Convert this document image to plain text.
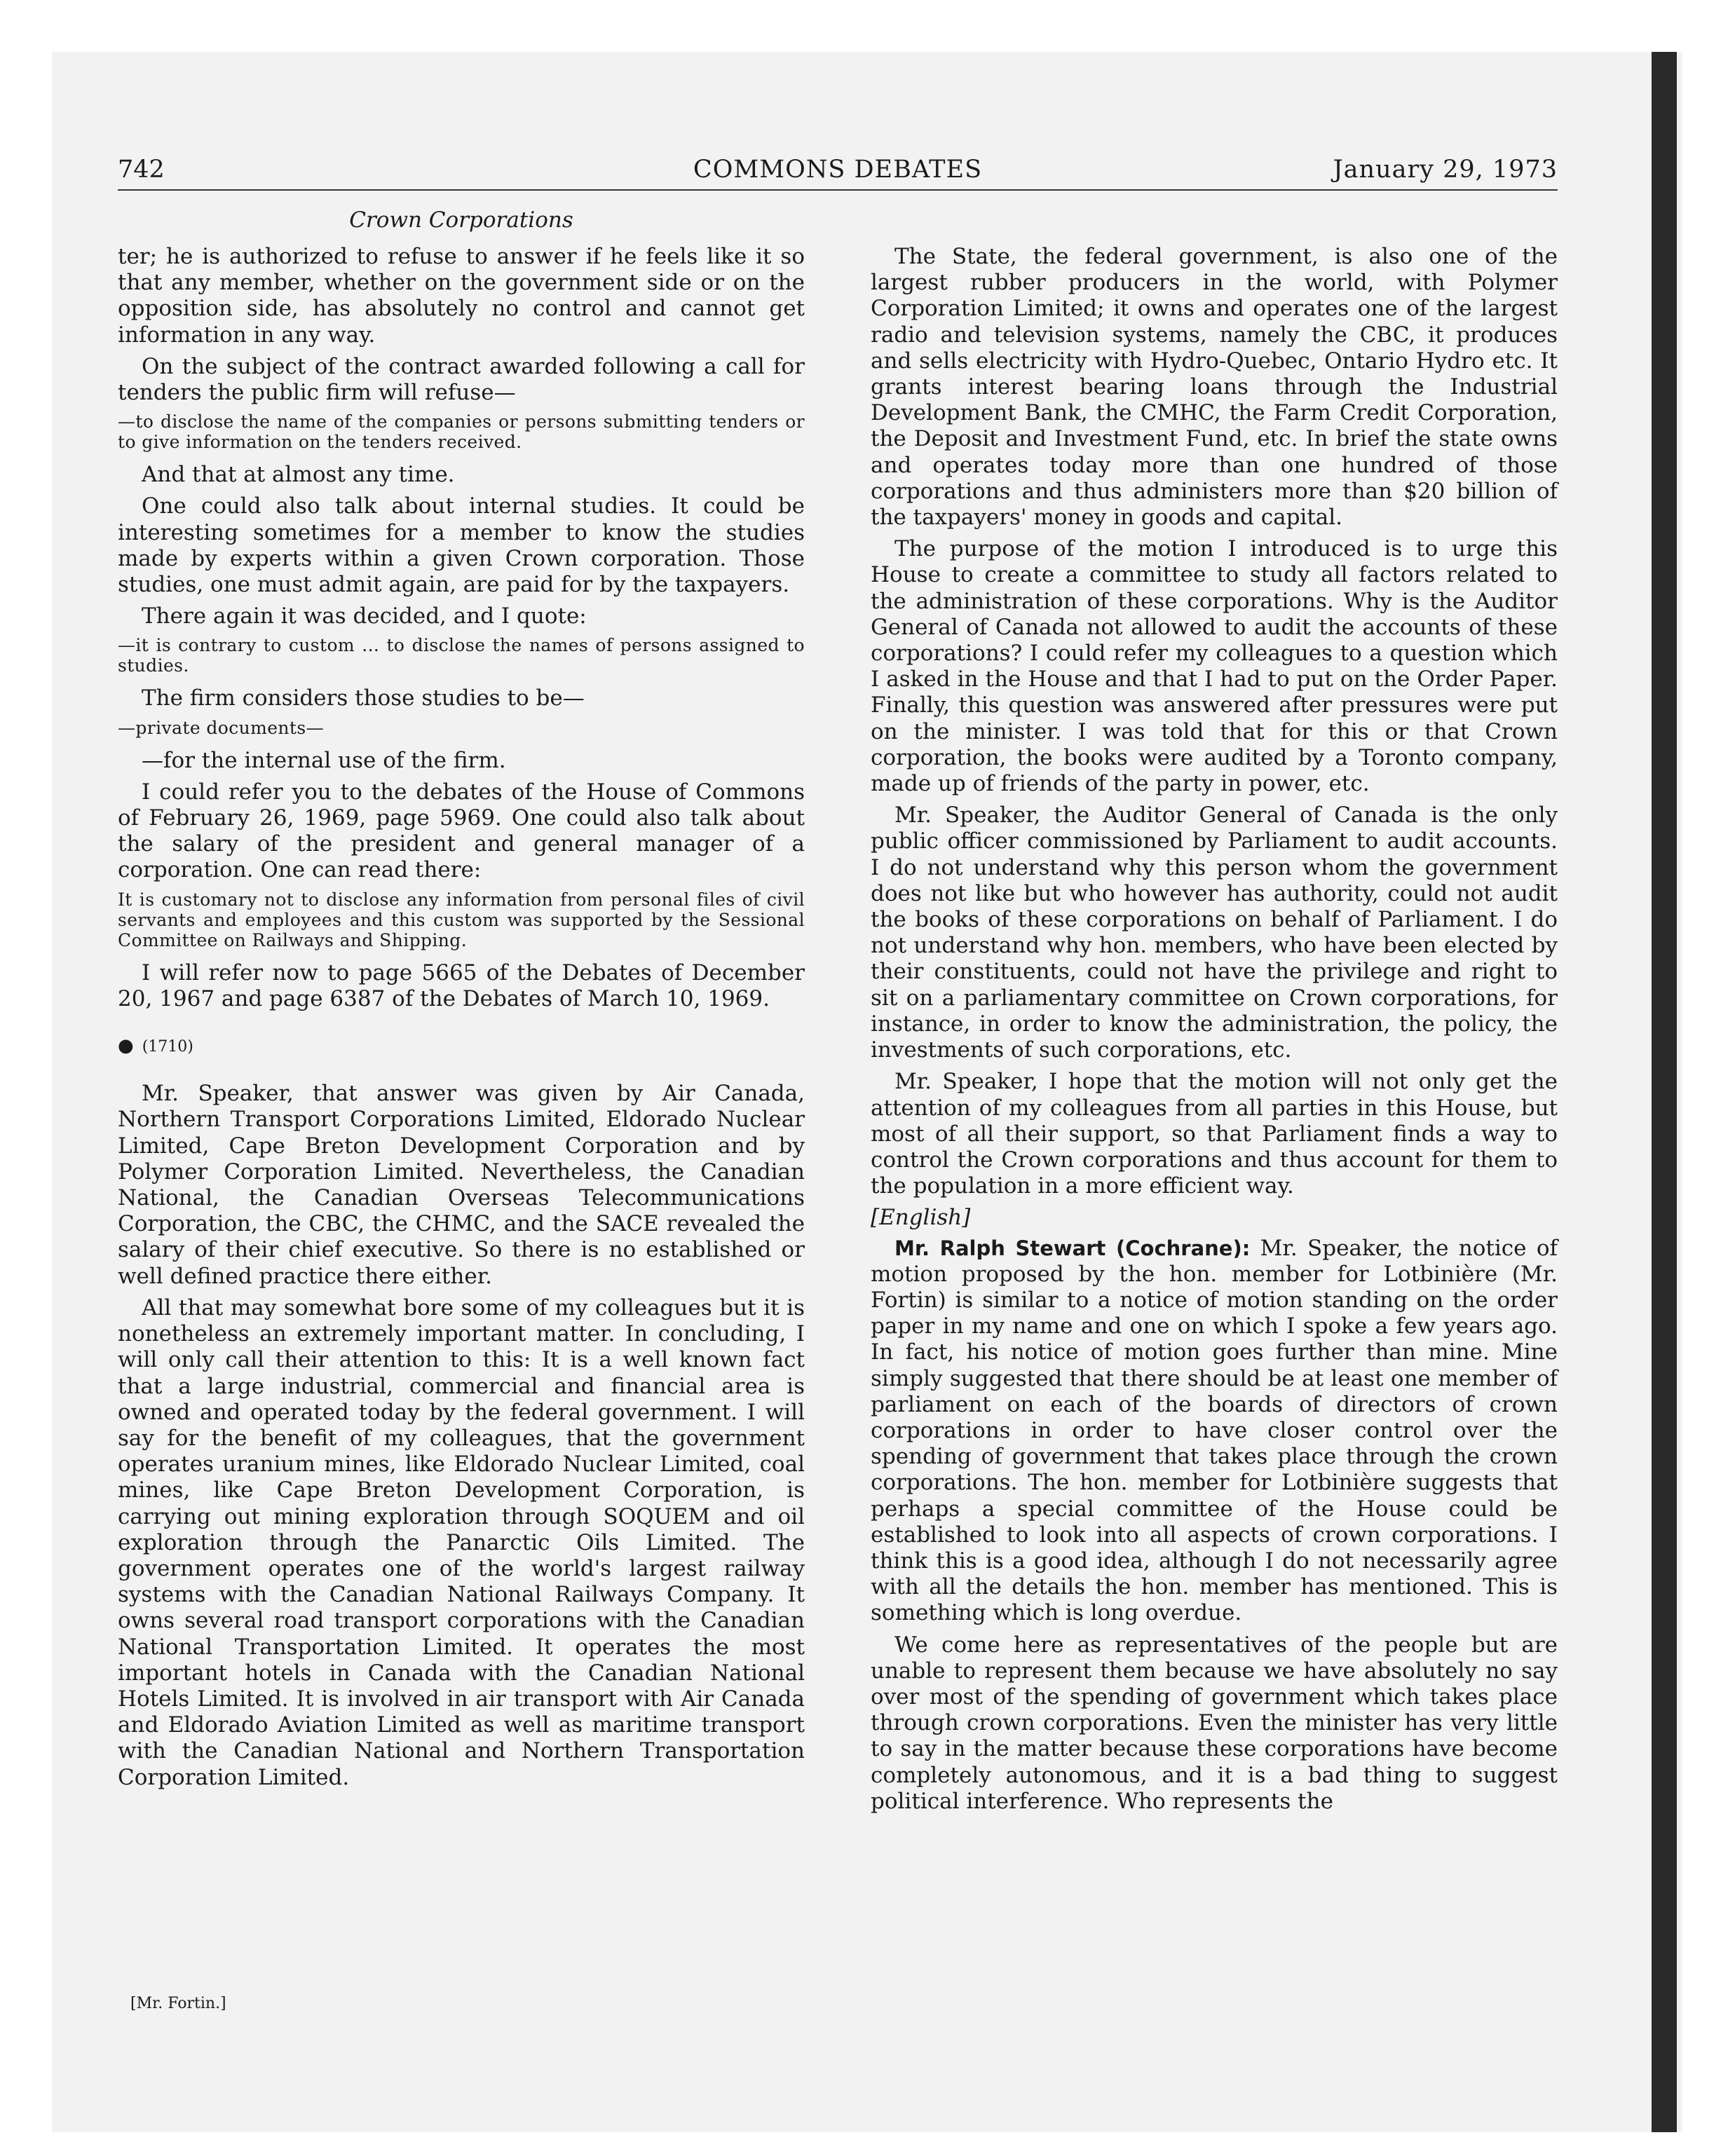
742	COMMONS DEBATES	January 29, 1973
Crown Corporations

ter; he is authorized to refuse to answer if he feels like it so that any member, whether on the government side or on the opposition side, has absolutely no control and cannot get information in any way.

On the subject of the contract awarded following a call for tenders the public firm will refuse—

—to disclose the name of the companies or persons submitting tenders or to give information on the tenders received.

And that at almost any time.

One could also talk about internal studies. It could be interesting sometimes for a member to know the studies made by experts within a given Crown corporation. Those studies, one must admit again, are paid for by the taxpayers.

There again it was decided, and I quote:

—it is contrary to custom ... to disclose the names of persons assigned to studies.

The firm considers those studies to be—

—private documents—

—for the internal use of the firm.

I could refer you to the debates of the House of Commons of February 26, 1969, page 5969. One could also talk about the salary of the president and general manager of a corporation. One can read there:

It is customary not to disclose any information from personal files of civil servants and employees and this custom was supported by the Sessional Committee on Railways and Shipping.

I will refer now to page 5665 of the Debates of December 20, 1967 and page 6387 of the Debates of March 10, 1969.

● (1710)

Mr. Speaker, that answer was given by Air Canada, Northern Transport Corporations Limited, Eldorado Nuclear Limited, Cape Breton Development Corporation and by Polymer Corporation Limited. Nevertheless, the Canadian National, the Canadian Overseas Telecommunications Corporation, the CBC, the CHMC, and the SACE revealed the salary of their chief executive. So there is no established or well defined practice there either.

All that may somewhat bore some of my colleagues but it is nonetheless an extremely important matter. In concluding, I will only call their attention to this: It is a well known fact that a large industrial, commercial and financial area is owned and operated today by the federal government. I will say for the benefit of my colleagues, that the government operates uranium mines, like Eldorado Nuclear Limited, coal mines, like Cape Breton Development Corporation, is carrying out mining exploration through SOQUEM and oil exploration through the Panarctic Oils Limited. The government operates one of the world's largest railway systems with the Canadian National Railways Company. It owns several road transport corporations with the Canadian National Transportation Limited. It operates the most important hotels in Canada with the Canadian National Hotels Limited. It is involved in air transport with Air Canada and Eldorado Aviation Limited as well as maritime transport with the Canadian National and Northern Transportation Corporation Limited.

The State, the federal government, is also one of the largest rubber producers in the world, with Polymer Corporation Limited; it owns and operates one of the largest radio and television systems, namely the CBC, it produces and sells electricity with Hydro-Quebec, Ontario Hydro etc. It grants interest bearing loans through the Industrial Development Bank, the CMHC, the Farm Credit Corporation, the Deposit and Investment Fund, etc. In brief the state owns and operates today more than one hundred of those corporations and thus administers more than $20 billion of the taxpayers' money in goods and capital.

The purpose of the motion I introduced is to urge this House to create a committee to study all factors related to the administration of these corporations. Why is the Auditor General of Canada not allowed to audit the accounts of these corporations? I could refer my colleagues to a question which I asked in the House and that I had to put on the Order Paper. Finally, this question was answered after pressures were put on the minister. I was told that for this or that Crown corporation, the books were audited by a Toronto company, made up of friends of the party in power, etc.

Mr. Speaker, the Auditor General of Canada is the only public officer commissioned by Parliament to audit accounts. I do not understand why this person whom the government does not like but who however has authority, could not audit the books of these corporations on behalf of Parliament. I do not understand why hon. members, who have been elected by their constituents, could not have the privilege and right to sit on a parliamentary committee on Crown corporations, for instance, in order to know the administration, the policy, the investments of such corporations, etc.

Mr. Speaker, I hope that the motion will not only get the attention of my colleagues from all parties in this House, but most of all their support, so that Parliament finds a way to control the Crown corporations and thus account for them to the population in a more efficient way.

[English]

Mr. Ralph Stewart (Cochrane): Mr. Speaker, the notice of motion proposed by the hon. member for Lotbinière (Mr. Fortin) is similar to a notice of motion standing on the order paper in my name and one on which I spoke a few years ago. In fact, his notice of motion goes further than mine. Mine simply suggested that there should be at least one member of parliament on each of the boards of directors of crown corporations in order to have closer control over the spending of government that takes place through the crown corporations. The hon. member for Lotbinière suggests that perhaps a special committee of the House could be established to look into all aspects of crown corporations. I think this is a good idea, although I do not necessarily agree with all the details the hon. member has mentioned. This is something which is long overdue.

We come here as representatives of the people but are unable to represent them because we have absolutely no say over most of the spending of government which takes place through crown corporations. Even the minister has very little to say in the matter because these corporations have become completely autonomous, and it is a bad thing to suggest political interference. Who represents the

[Mr. Fortin.]
